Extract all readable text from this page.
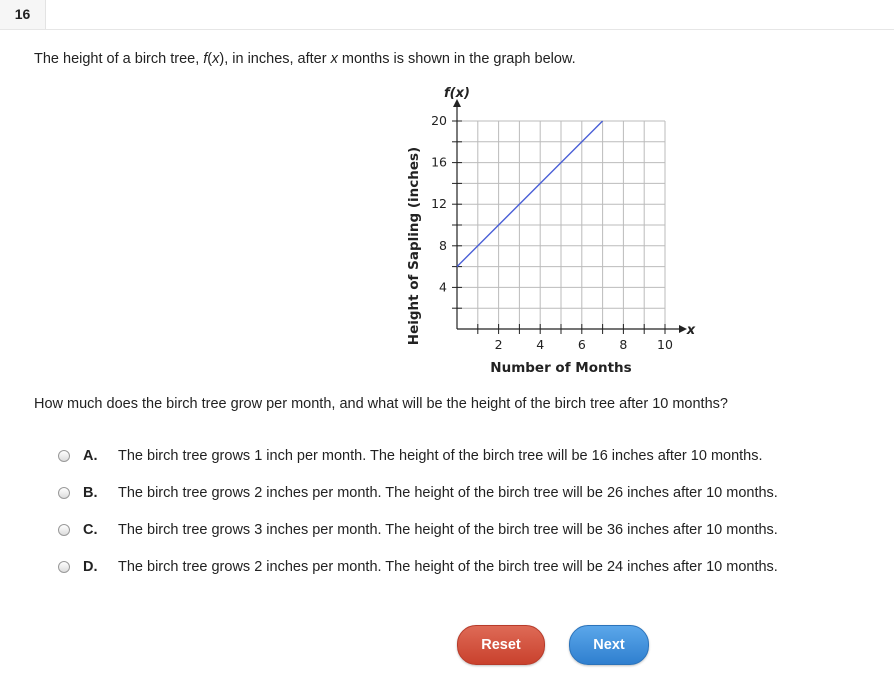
16
The height of a birch tree, f(x), in inches, after x months is shown in the graph below.
2	4	6	8 10
4
8
12
16
20
f(x)
x
Number of Months
Height of Sapling (inches)
How much does the birch tree grow per month, and what will be the height of the birch tree after 10 months?
A. The birch tree grows 1 inch per month. The height of the birch tree will be 16 inches after 10 months.
B. The birch tree grows 2 inches per month. The height of the birch tree will be 26 inches after 10 months.
C. The birch tree grows 3 inches per month. The height of the birch tree will be 36 inches after 10 months.
D. The birch tree grows 2 inches per month. The height of the birch tree will be 24 inches after 10 months.
Reset	Next
